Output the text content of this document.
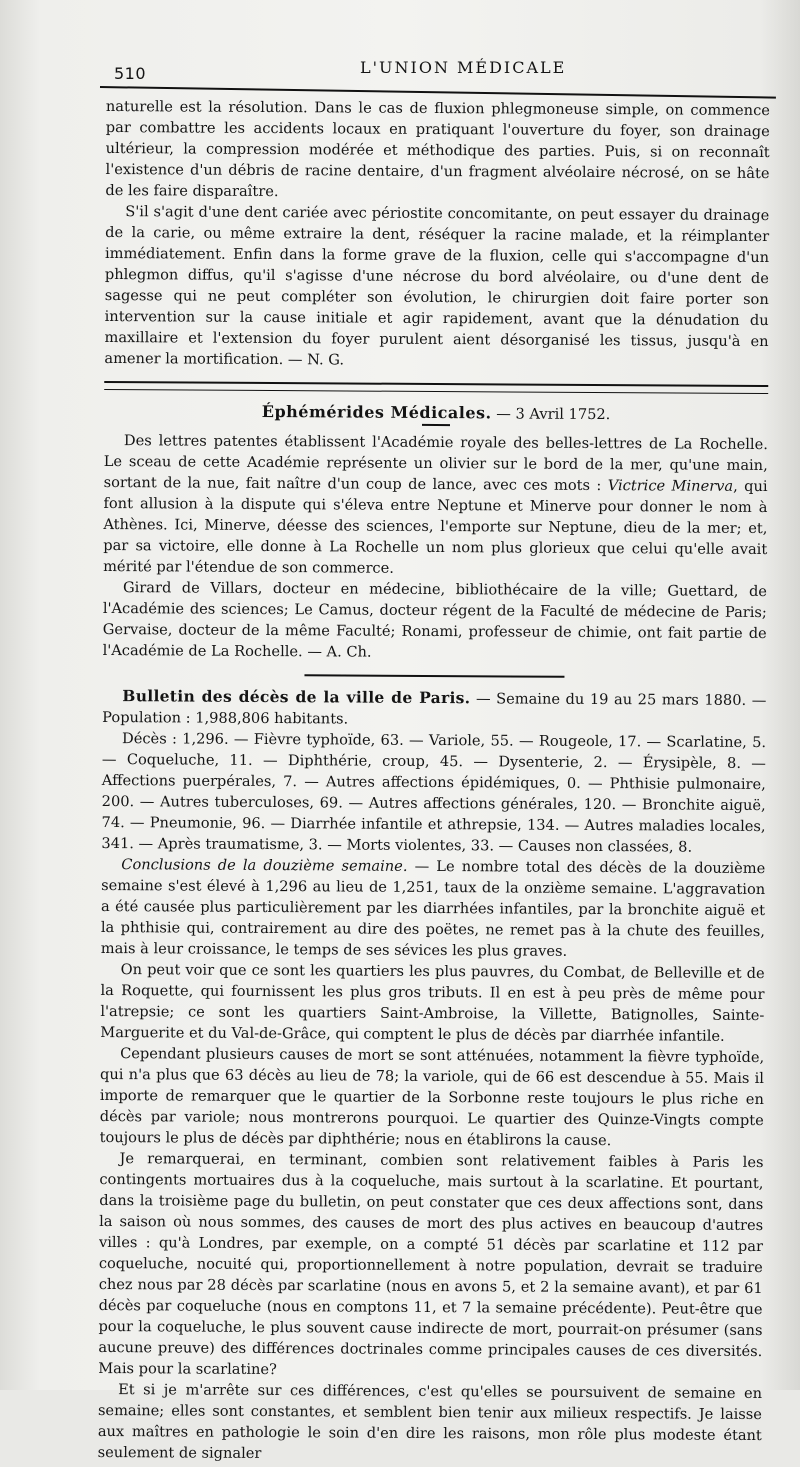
510	L'UNION MÉDICALE

naturelle est la résolution. Dans le cas de fluxion phlegmoneuse simple, on commence par combattre les accidents locaux en pratiquant l'ouverture du foyer, son drainage ultérieur, la compression modérée et méthodique des parties. Puis, si on reconnaît l'existence d'un débris de racine dentaire, d'un fragment alvéolaire nécrosé, on se hâte de les faire disparaître.

S'il s'agit d'une dent cariée avec périostite concomitante, on peut essayer du drainage de la carie, ou même extraire la dent, réséquer la racine malade, et la réimplanter immédiatement. Enfin dans la forme grave de la fluxion, celle qui s'accompagne d'un phlegmon diffus, qu'il s'agisse d'une nécrose du bord alvéolaire, ou d'une dent de sagesse qui ne peut compléter son évolution, le chirurgien doit faire porter son intervention sur la cause initiale et agir rapidement, avant que la dénudation du maxillaire et l'extension du foyer purulent aient désorganisé les tissus, jusqu'à en amener la mortification. — N. G.

Éphémérides Médicales. — 3 Avril 1752.

Des lettres patentes établissent l'Académie royale des belles-lettres de La Rochelle. Le sceau de cette Académie représente un olivier sur le bord de la mer, qu'une main, sortant de la nue, fait naître d'un coup de lance, avec ces mots : Victrice Minerva, qui font allusion à la dispute qui s'éleva entre Neptune et Minerve pour donner le nom à Athènes. Ici, Minerve, déesse des sciences, l'emporte sur Neptune, dieu de la mer; et, par sa victoire, elle donne à La Rochelle un nom plus glorieux que celui qu'elle avait mérité par l'étendue de son commerce.

Girard de Villars, docteur en médecine, bibliothécaire de la ville; Guettard, de l'Académie des sciences; Le Camus, docteur régent de la Faculté de médecine de Paris; Gervaise, docteur de la même Faculté; Ronami, professeur de chimie, ont fait partie de l'Académie de La Rochelle. — A. Ch.

Bulletin des décès de la ville de Paris. — Semaine du 19 au 25 mars 1880. — Population : 1,988,806 habitants.

Décès : 1,296. — Fièvre typhoïde, 63. — Variole, 55. — Rougeole, 17. — Scarlatine, 5. — Coqueluche, 11. — Diphthérie, croup, 45. — Dysenterie, 2. — Érysipèle, 8. — Affections puerpérales, 7. — Autres affections épidémiques, 0. — Phthisie pulmonaire, 200. — Autres tuberculoses, 69. — Autres affections générales, 120. — Bronchite aiguë, 74. — Pneumonie, 96. — Diarrhée infantile et athrepsie, 134. — Autres maladies locales, 341. — Après traumatisme, 3. — Morts violentes, 33. — Causes non classées, 8.

Conclusions de la douzième semaine. — Le nombre total des décès de la douzième semaine s'est élevé à 1,296 au lieu de 1,251, taux de la onzième semaine. L'aggravation a été causée plus particulièrement par les diarrhées infantiles, par la bronchite aiguë et la phthisie qui, contrairement au dire des poëtes, ne remet pas à la chute des feuilles, mais à leur croissance, le temps de ses sévices les plus graves.

On peut voir que ce sont les quartiers les plus pauvres, du Combat, de Belleville et de la Roquette, qui fournissent les plus gros tributs. Il en est à peu près de même pour l'atrepsie; ce sont les quartiers Saint-Ambroise, la Villette, Batignolles, Sainte-Marguerite et du Val-de-Grâce, qui comptent le plus de décès par diarrhée infantile.

Cependant plusieurs causes de mort se sont atténuées, notamment la fièvre typhoïde, qui n'a plus que 63 décès au lieu de 78; la variole, qui de 66 est descendue à 55. Mais il importe de remarquer que le quartier de la Sorbonne reste toujours le plus riche en décès par variole; nous montrerons pourquoi. Le quartier des Quinze-Vingts compte toujours le plus de décès par diphthérie; nous en établirons la cause.

Je remarquerai, en terminant, combien sont relativement faibles à Paris les contingents mortuaires dus à la coqueluche, mais surtout à la scarlatine. Et pourtant, dans la troisième page du bulletin, on peut constater que ces deux affections sont, dans la saison où nous sommes, des causes de mort des plus actives en beaucoup d'autres villes : qu'à Londres, par exemple, on a compté 51 décès par scarlatine et 112 par coqueluche, nocuité qui, proportionnellement à notre population, devrait se traduire chez nous par 28 décès par scarlatine (nous en avons 5, et 2 la semaine avant), et par 61 décès par coqueluche (nous en comptons 11, et 7 la semaine précédente). Peut-être que pour la coqueluche, le plus souvent cause indirecte de mort, pourrait-on présumer (sans aucune preuve) des différences doctrinales comme principales causes de ces diversités. Mais pour la scarlatine?

Et si je m'arrête sur ces différences, c'est qu'elles se poursuivent de semaine en semaine; elles sont constantes, et semblent bien tenir aux milieux respectifs. Je laisse aux maîtres en pathologie le soin d'en dire les raisons, mon rôle plus modeste étant seulement de signaler
